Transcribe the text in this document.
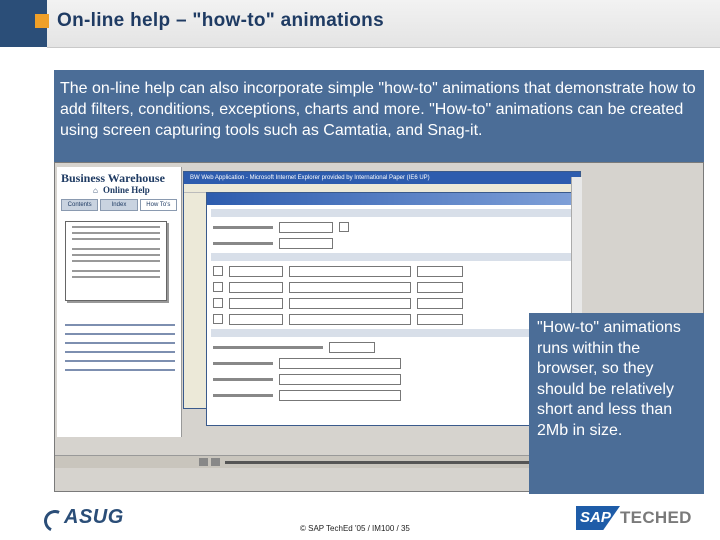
On-line help – "how-to" animations
The on-line help can also incorporate simple "how-to" animations that demonstrate how to add filters, conditions, exceptions, charts and more. "How-to" animations can be created using screen capturing tools such as Camtatia, and Snag-it.
Business Warehouse
⌂ Online Help
Contents	Index	How To's
BW Web Application - Microsoft Internet Explorer provided by International Paper (IE6 UP)
"How-to" animations runs within the browser, so they should be relatively short and less than 2Mb in size.
ASUG
© SAP TechEd '05 / IM100 / 35
SAP TECHED
